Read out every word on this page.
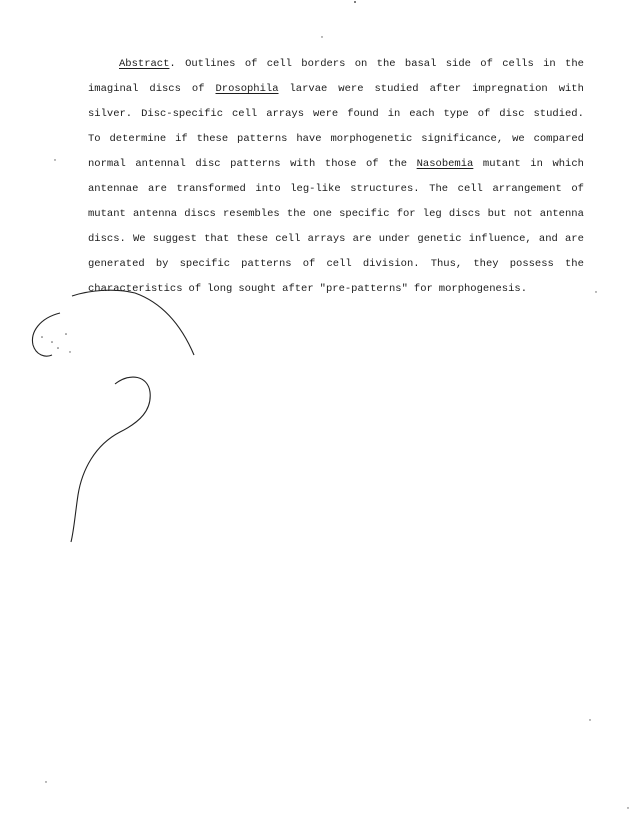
Abstract. Outlines of cell borders on the basal side of cells in the
imaginal discs of Drosophila larvae were studied after impregnation with
silver. Disc-specific cell arrays were found in each type of disc studied.
To determine if these patterns have morphogenetic significance, we compared
normal antennal disc patterns with those of the Nasobemia mutant in which
antennae are transformed into leg-like structures. The cell arrangement of
mutant antenna discs resembles the one specific for leg discs but not antenna
discs. We suggest that these cell arrays are under genetic influence, and are
generated by specific patterns of cell division. Thus, they possess the
characteristics of long sought after "pre-patterns" for morphogenesis.
